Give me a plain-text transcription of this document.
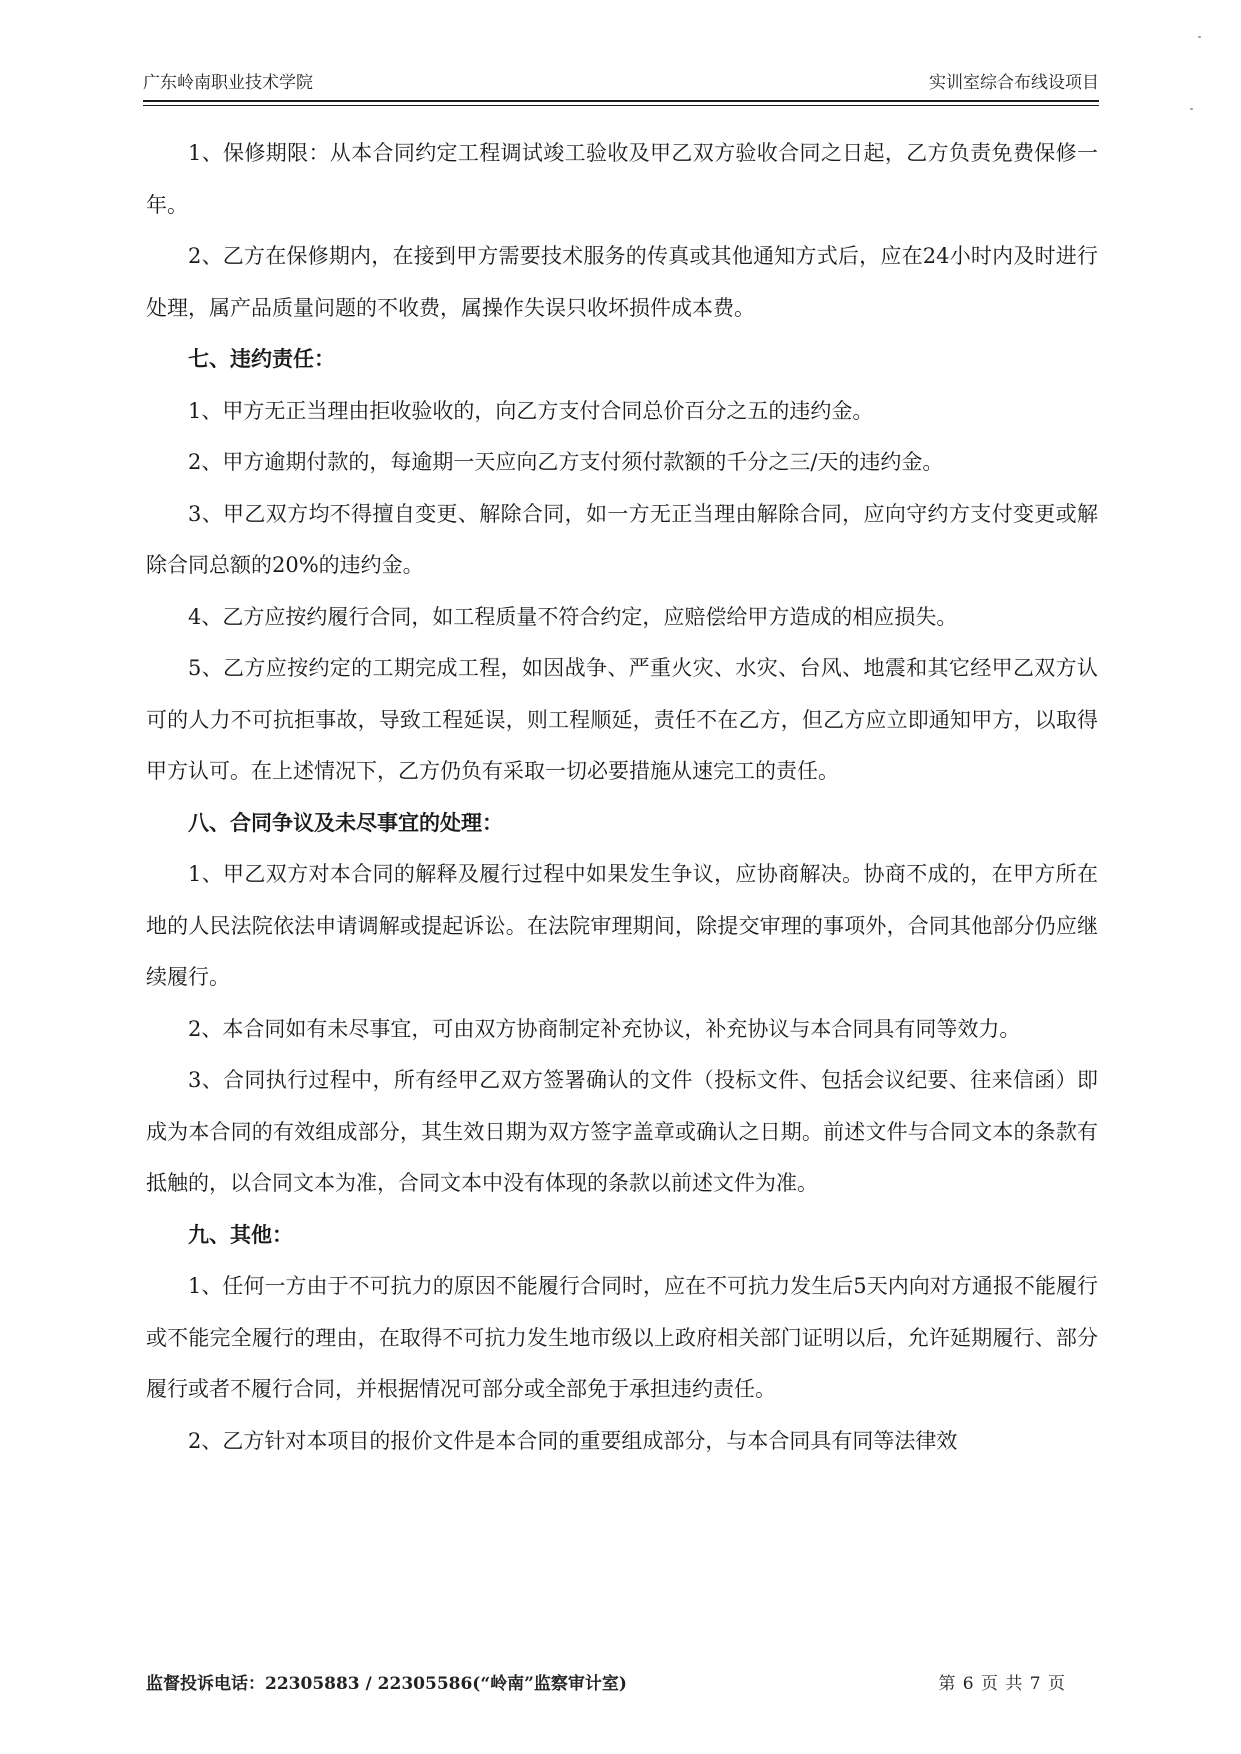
广东岭南职业技术学院	实训室综合布线设项目

1、保修期限：从本合同约定工程调试竣工验收及甲乙双方验收合同之日起，乙方负责免费保修一年。

2、乙方在保修期内，在接到甲方需要技术服务的传真或其他通知方式后，应在24小时内及时进行处理，属产品质量问题的不收费，属操作失误只收坏损件成本费。

七、违约责任：

1、甲方无正当理由拒收验收的，向乙方支付合同总价百分之五的违约金。

2、甲方逾期付款的，每逾期一天应向乙方支付须付款额的千分之三/天的违约金。

3、甲乙双方均不得擅自变更、解除合同，如一方无正当理由解除合同，应向守约方支付变更或解除合同总额的20%的违约金。

4、乙方应按约履行合同，如工程质量不符合约定，应赔偿给甲方造成的相应损失。

5、乙方应按约定的工期完成工程，如因战争、严重火灾、水灾、台风、地震和其它经甲乙双方认可的人力不可抗拒事故，导致工程延误，则工程顺延，责任不在乙方，但乙方应立即通知甲方，以取得甲方认可。在上述情况下，乙方仍负有采取一切必要措施从速完工的责任。

八、合同争议及未尽事宜的处理：

1、甲乙双方对本合同的解释及履行过程中如果发生争议，应协商解决。协商不成的，在甲方所在地的人民法院依法申请调解或提起诉讼。在法院审理期间，除提交审理的事项外，合同其他部分仍应继续履行。

2、本合同如有未尽事宜，可由双方协商制定补充协议，补充协议与本合同具有同等效力。

3、合同执行过程中，所有经甲乙双方签署确认的文件（投标文件、包括会议纪要、往来信函）即成为本合同的有效组成部分，其生效日期为双方签字盖章或确认之日期。前述文件与合同文本的条款有抵触的，以合同文本为准，合同文本中没有体现的条款以前述文件为准。

九、其他：

1、任何一方由于不可抗力的原因不能履行合同时，应在不可抗力发生后5天内向对方通报不能履行或不能完全履行的理由，在取得不可抗力发生地市级以上政府相关部门证明以后，允许延期履行、部分履行或者不履行合同，并根据情况可部分或全部免于承担违约责任。

2、乙方针对本项目的报价文件是本合同的重要组成部分，与本合同具有同等法律效

监督投诉电话：22305883 / 22305586(“岭南”监察审计室)	第 6 页 共 7 页
